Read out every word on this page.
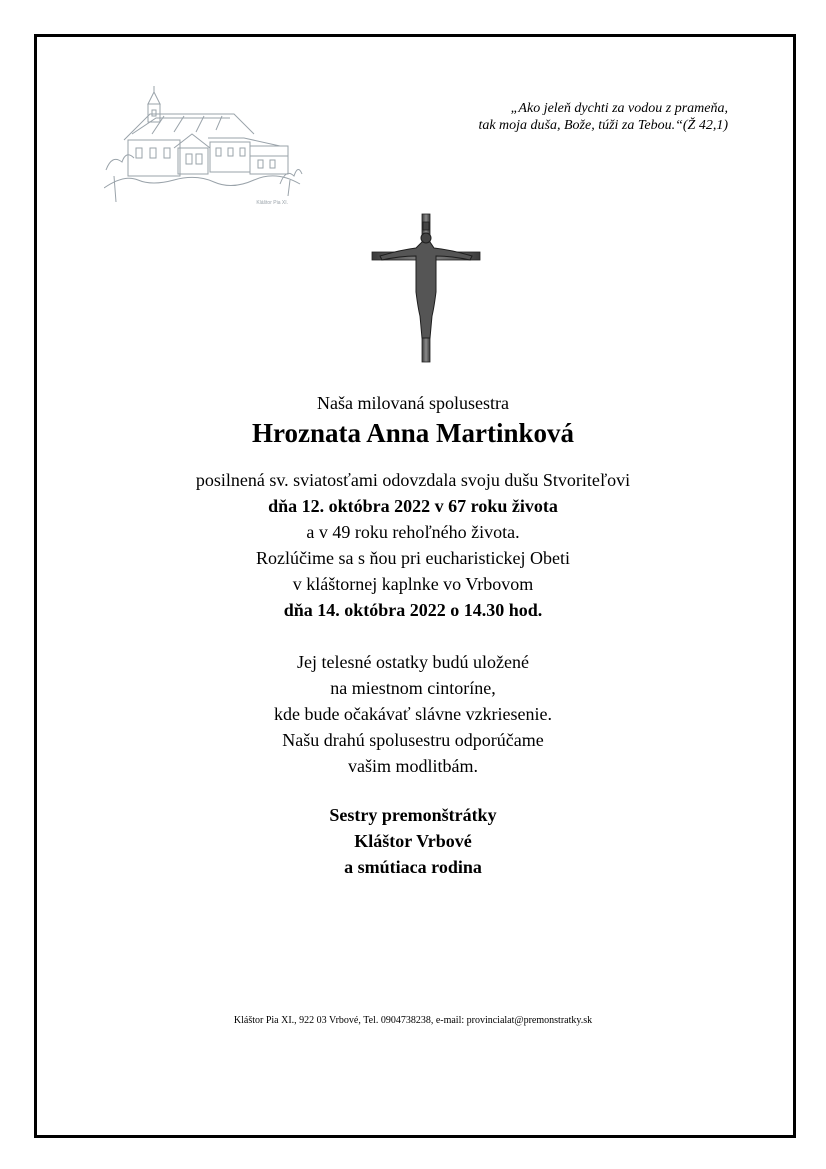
Kláštor Pia XI.
„Ako jeleň dychti za vodou z prameňa,
tak moja duša, Bože, túži za Tebou.“(Ž 42,1)
Naša milovaná spolusestra
Hroznata Anna Martinková
posilnená sv. sviatosťami odovzdala svoju dušu Stvoriteľovi
dňa 12. októbra 2022 v 67 roku života
a v 49 roku rehoľného života.
Rozlúčime sa s ňou pri eucharistickej Obeti
v kláštornej kaplnke vo Vrbovom
dňa 14. októbra 2022 o 14.30 hod.
Jej telesné ostatky budú uložené
na miestnom cintoríne,
kde bude očakávať slávne vzkriesenie.
Našu drahú spolusestru odporúčame
vašim modlitbám.
Sestry premonštrátky
Kláštor Vrbové
a smútiaca rodina
Kláštor Pia XI., 922 03 Vrbové, Tel. 0904738238, e-mail: provincialat@premonstratky.sk
